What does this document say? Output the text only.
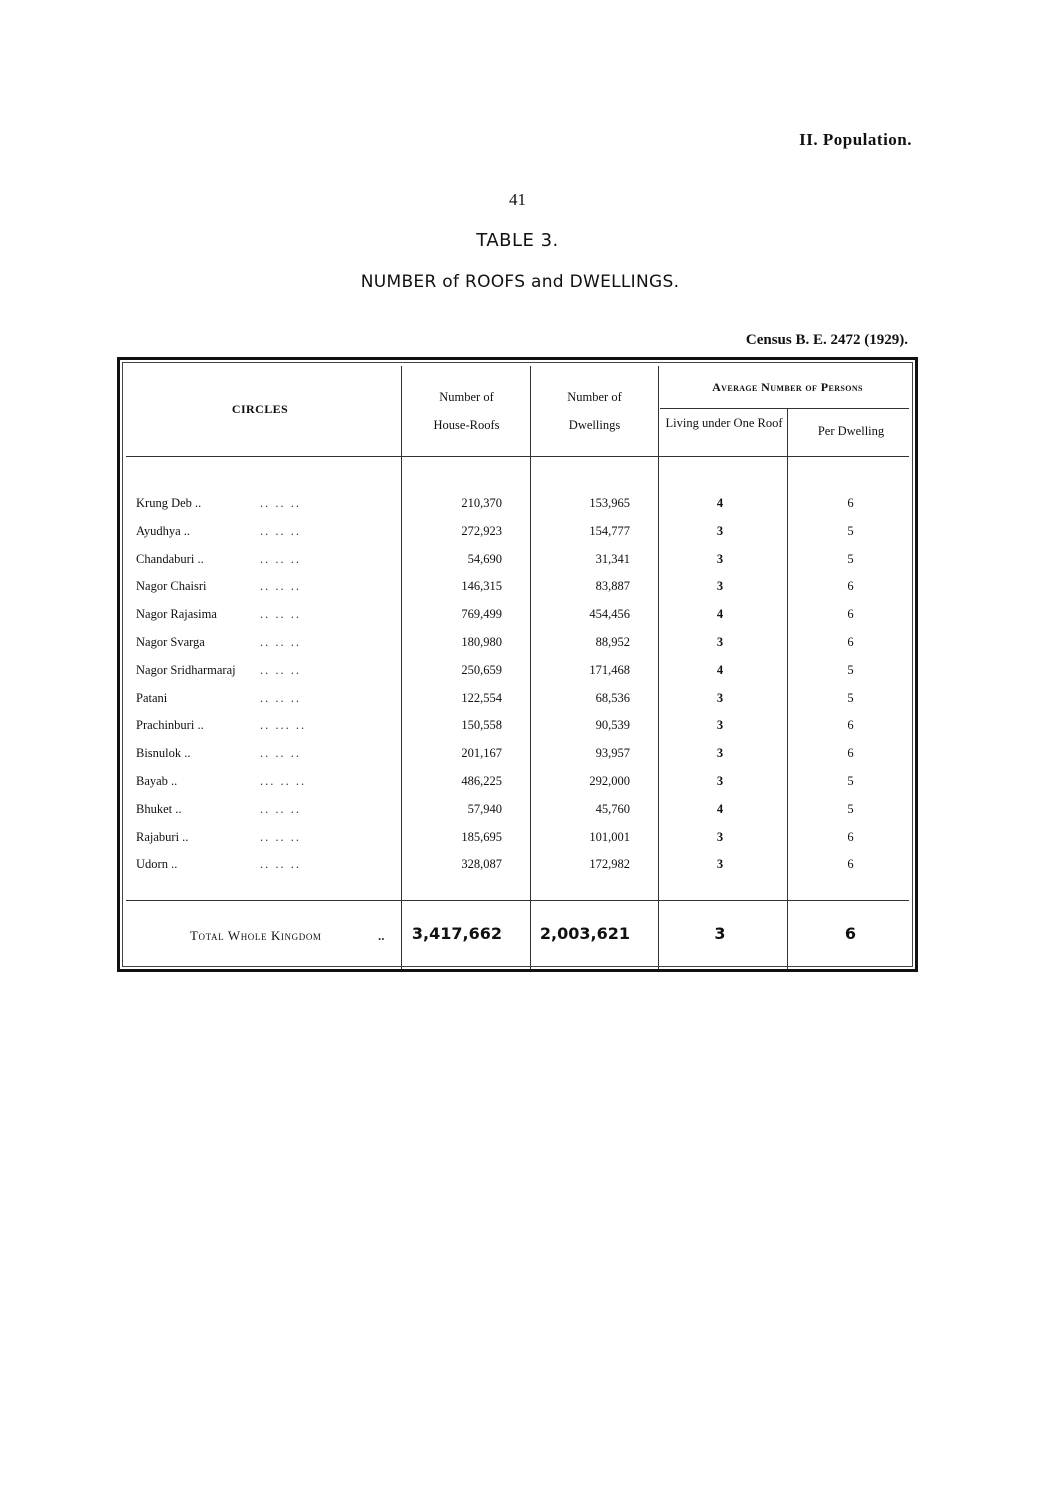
II. Population.
41
TABLE 3.
NUMBER of ROOFS and DWELLINGS.
Census B. E. 2472 (1929).
CIRCLES
Number of
House-Roofs
Number of
Dwellings
Average Number of Persons
Living under One Roof
Per Dwelling
Krung Deb ..	.. .. ..	210,370	153,965	4	6
Ayudhya ..	.. .. ..	272,923	154,777	3	5
Chandaburi ..	.. .. ..	54,690	31,341	3	5
Nagor Chaisri	.. .. ..	146,315	83,887	3	6
Nagor Rajasima	.. .. ..	769,499	454,456	4	6
Nagor Svarga	.. .. ..	180,980	88,952	3	6
Nagor Sridharmaraj .. .. ..	250,659	171,468	4	5
Patani	.. .. ..	122,554	68,536	3	5
Prachinburi ..	.. ... ..	150,558	90,539	3	6
Bisnulok ..	.. .. ..	201,167	93,957	3	6
Bayab ..	... .. ..	486,225	292,000	3	5
Bhuket ..	.. .. ..	57,940	45,760	4	5
Rajaburi ..	.. .. ..	185,695	101,001	3	6
Udorn ..	.. .. ..	328,087	172,982	3	6
Total Whole Kingdom	..	3,417,662	2,003,621	3	6
